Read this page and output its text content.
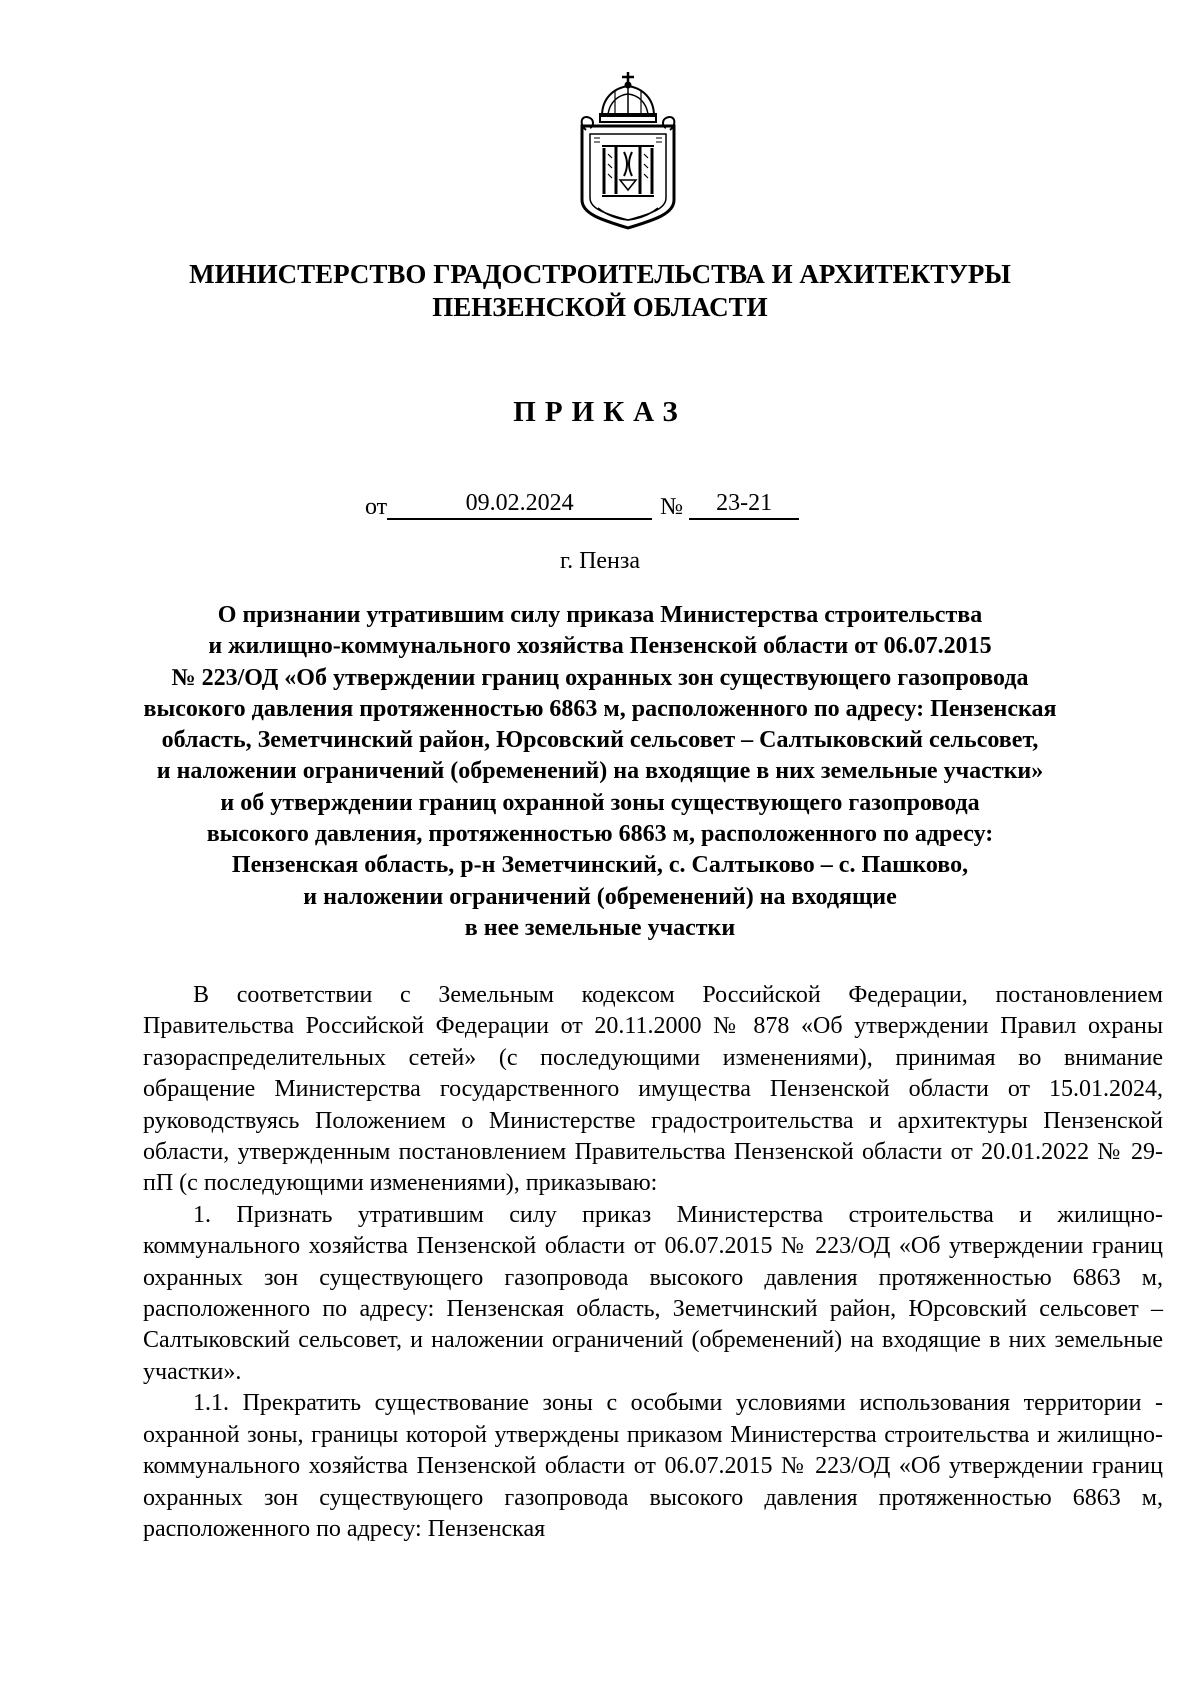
МИНИСТЕРСТВО ГРАДОСТРОИТЕЛЬСТВА И АРХИТЕКТУРЫ
ПЕНЗЕНСКОЙ ОБЛАСТИ
ПРИКАЗ
от	09.02.2024	№ 23-21
г. Пенза
О признании утратившим силу приказа Министерства строительства
и жилищно-коммунального хозяйства Пензенской области от 06.07.2015
№ 223/ОД «Об утверждении границ охранных зон существующего газопровода
высокого давления протяженностью 6863 м, расположенного по адресу: Пензенская
область, Земетчинский район, Юрсовский сельсовет – Салтыковский сельсовет,
и наложении ограничений (обременений) на входящие в них земельные участки»
и об утверждении границ охранной зоны существующего газопровода
высокого давления, протяженностью 6863 м, расположенного по адресу:
Пензенская область, р-н Земетчинский, с. Салтыково – с. Пашково,
и наложении ограничений (обременений) на входящие
в нее земельные участки
В соответствии с Земельным кодексом Российской Федерации, постановлением Правительства Российской Федерации от 20.11.2000 № 878 «Об утверждении Правил охраны газораспределительных сетей» (с последующими изменениями), принимая во внимание обращение Министерства государственного имущества Пензенской области от 15.01.2024, руководствуясь Положением о Министерстве градостроительства и архитектуры Пензенской области, утвержденным постановлением Правительства Пензенской области от 20.01.2022 № 29-пП (с последующими изменениями), приказываю:
1. Признать утратившим силу приказ Министерства строительства и жилищно-коммунального хозяйства Пензенской области от 06.07.2015 № 223/ОД «Об утверждении границ охранных зон существующего газопровода высокого давления протяженностью 6863 м, расположенного по адресу: Пензенская область, Земетчинский район, Юрсовский сельсовет – Салтыковский сельсовет, и наложении ограничений (обременений) на входящие в них земельные участки».
1.1. Прекратить существование зоны с особыми условиями использования территории - охранной зоны, границы которой утверждены приказом Министерства строительства и жилищно-коммунального хозяйства Пензенской области от 06.07.2015 № 223/ОД «Об утверждении границ охранных зон существующего газопровода высокого давления протяженностью 6863 м, расположенного по адресу: Пензенская
